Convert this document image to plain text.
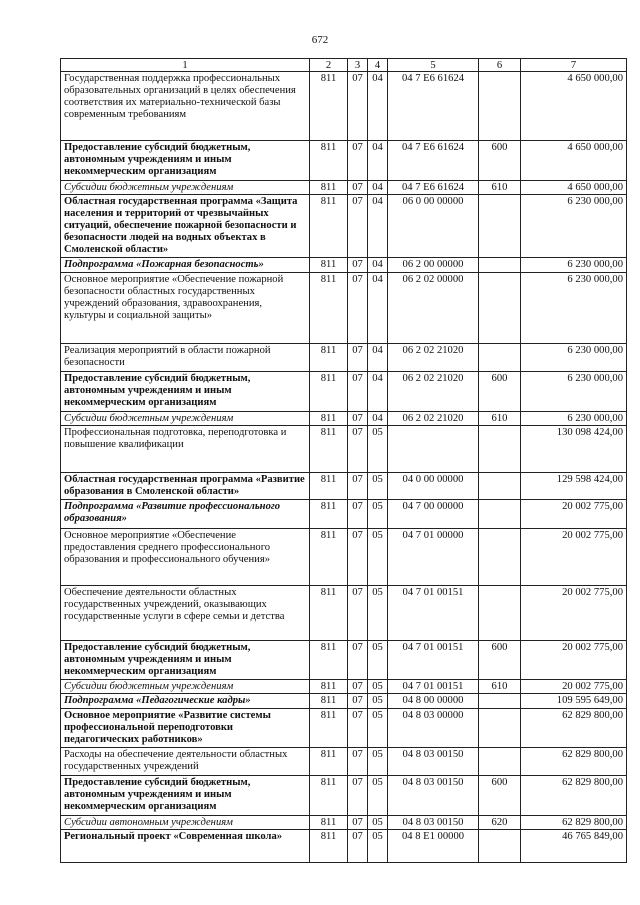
672
1	2	3	4	5	6	7
Государственная поддержка профессиональных образовательных организаций в целях обеспечения соответствия их материально-технической базы современным требованиям	811	07	04	04 7 E6 61624		4 650 000,00
Предоставление субсидий бюджетным, автономным учреждениям и иным некоммерческим организациям	811	07	04	04 7 E6 61624	600	4 650 000,00
Субсидии бюджетным учреждениям	811	07	04	04 7 E6 61624	610	4 650 000,00
Областная государственная программа «Защита населения и территорий от чрезвычайных ситуаций, обеспечение пожарной безопасности и безопасности людей на водных объектах в Смоленской области»	811	07	04	06 0 00 00000		6 230 000,00
Подпрограмма «Пожарная безопасность»	811	07	04	06 2 00 00000		6 230 000,00
Основное мероприятие «Обеспечение пожарной безопасности областных государственных учреждений образования, здравоохранения, культуры и социальной защиты»	811	07	04	06 2 02 00000		6 230 000,00
Реализация мероприятий в области пожарной безопасности	811	07	04	06 2 02 21020		6 230 000,00
Предоставление субсидий бюджетным, автономным учреждениям и иным некоммерческим организациям	811	07	04	06 2 02 21020	600	6 230 000,00
Субсидии бюджетным учреждениям	811	07	04	06 2 02 21020	610	6 230 000,00
Профессиональная подготовка, переподготовка и повышение квалификации	811	07	05			130 098 424,00
Областная государственная программа «Развитие образования в Смоленской области»	811	07	05	04 0 00 00000		129 598 424,00
Подпрограмма «Развитие профессионального образования»	811	07	05	04 7 00 00000		20 002 775,00
Основное мероприятие «Обеспечение предоставления среднего профессионального образования и профессионального обучения»	811	07	05	04 7 01 00000		20 002 775,00
Обеспечение деятельности областных государственных учреждений, оказывающих государственные услуги в сфере семьи и детства	811	07	05	04 7 01 00151		20 002 775,00
Предоставление субсидий бюджетным, автономным учреждениям и иным некоммерческим организациям	811	07	05	04 7 01 00151	600	20 002 775,00
Субсидии бюджетным учреждениям	811	07	05	04 7 01 00151	610	20 002 775,00
Подпрограмма «Педагогические кадры»	811	07	05	04 8 00 00000		109 595 649,00
Основное мероприятие «Развитие системы профессиональной переподготовки педагогических работников»	811	07	05	04 8 03 00000		62 829 800,00
Расходы на обеспечение деятельности областных государственных учреждений	811	07	05	04 8 03 00150		62 829 800,00
Предоставление субсидий бюджетным, автономным учреждениям и иным некоммерческим организациям	811	07	05	04 8 03 00150	600	62 829 800,00
Субсидии автономным учреждениям	811	07	05	04 8 03 00150	620	62 829 800,00
Региональный проект «Современная школа»	811	07	05	04 8 E1 00000		46 765 849,00
